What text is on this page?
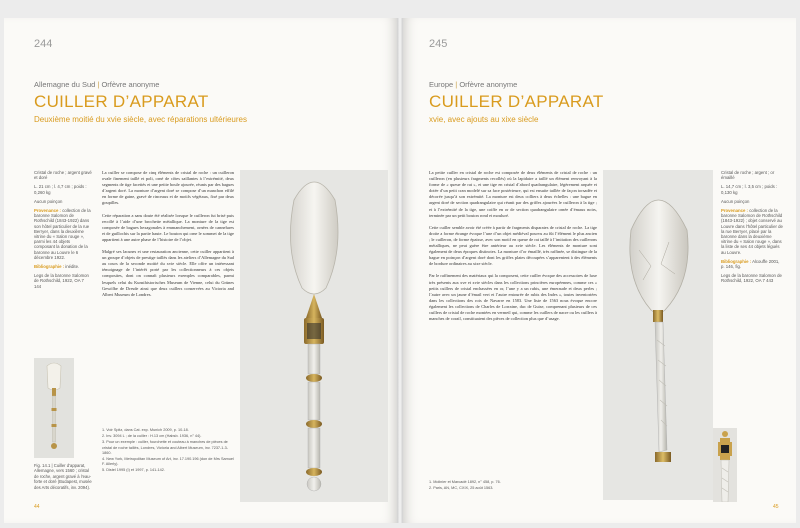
244
Allemagne du Sud | Orfèvre anonyme
CUILLER D’APPARAT
Deuxième moitié du xvie siècle, avec réparations ultérieures

Cristal de roche ; argent gravé et doré

L. 21 cm ; l. 4,7 cm ; poids : 0,260 kg

Aucun poinçon

Provenance : collection de la baronne Salomon de Rothschild (1843-1922) dans son hôtel particulier de la rue Berryer, dans la deuxième vitrine du « Salon rouge », parmi les 44 objets composant la donation de la baronne au Louvre le 6 décembre 1922.

Bibliographie : inédite.

Legs de la baronne Salomon de Rothschild, 1922, OA 7 144

La cuiller se compose de cinq éléments de cristal de roche : un cuilleron ovale finement taillé et poli, orné de côtes saillantes à l’extrémité, deux segments de tige facettés et une petite boule ajourée, réunis par des bagues d’argent doré. La monture d’argent doré se compose d’un manchon effilé en forme de gaine, gravé de rinceaux et de motifs végétaux, fixé par deux goupilles.

Cette réparation a sans doute été réalisée lorsque le cuilleron fut brisé puis recollé à l’aide d’une brochette métallique. La monture de la tige est composée de bagues hexagonales à emmanchement, ornées de cannelures et de guillochis sur la partie haute. Le bouton qui orne le sommet de la tige appartient à une autre phase de l’histoire de l’objet.

Malgré ses lacunes et une restauration ancienne, cette cuiller appartient à un groupe d’objets de prestige taillés dans les ateliers d’Allemagne du Sud au cours de la seconde moitié du xvie siècle. Elle offre un intéressant témoignage de l’intérêt porté par les collectionneurs à ces objets composites, dont on connaît plusieurs exemples comparables, parmi lesquels celui du Kunsthistorisches Museum de Vienne, celui du Grünes Gewölbe de Dresde ainsi que deux cuillers conservées au Victoria and Albert Museum de Londres.

1. Voir Spitz, dans Cat. exp. Munich 2009, p. 10-18.
2. Inv. 3094 L ; de la cuiller : H.13 cm (Habsb. 1936, n° 44).
3. Pour un exemple : cuiller, fourchette et couteau à manches de pièces de cristal de roche taillés, Londres, Victoria and Albert Museum, inv. 7237-1-3-1860.
4. New York, Metropolitan Museum of Art, inv. 17.190.196 (don de Mrs Samuel F. Allerly).
5. Distel 1995 (I) et 1997, p. 141-142.
Fig. 14.1 | Cuiller d’apparat, Allemagne, vers 1560 ; cristal de roche, argent gravé à l’eau-forte et doré (Budapest, musée des Arts décoratifs, inv. 2094).
44
245
Europe | Orfèvre anonyme
CUILLER D’APPARAT
xvie, avec ajouts au xixe siècle

La petite cuiller en cristal de roche est composée de deux éléments de cristal de roche : un cuilleron (en plusieurs fragments recollés) où la lapidaire a taillé un élément renvoyant à la forme de « queue de rat », et une tige en cristal d’abord quadrangulaire, légèrement arquée et dotée d’un petit cran modelé sur sa face postérieure, qui est ensuite taillée de façon torsadée et décorée jusqu’à son extrémité. La monture est deux colliers à deux échelles : une bague en argent doré de section quadrangulaire qui réunit par des griffes ajourées le cuilleron à la tige ; et à l’extrémité de la tige, une coiffe en or de section quadrangulaire ornée d’émaux noirs, terminée par un petit bouton rond et mouluré.

Cette cuiller semble avoir été créée à partir de fragments disparates de cristal de roche. La tige droite a forme étrange évoque l’une d’un objet médiéval pourvu au fût l’élément le plus ancien ; le cuilleron, de forme épaisse, avec son motif en queue de rat taillé à l’imitation des cuillerons métalliques, ne peut guère être antérieur au xvie siècle. Les éléments de monture sont également de deux époques distinctes. La monture d’or émaillé, très raffinée, se distingue de la bague en poinçon d’argent doré dont les griffes plates découpées s’apparentent à des éléments de bordure ordinaires au xixe siècle.

Par le raffinement des matériaux qui la composent, cette cuiller évoque des accessoires de luxe très présents aux xve et xvie siècles dans les collections princières européennes, comme ces « petits cuillers de cristal enchassées en or, l’une y a un rubis, une émeraude et deux perles ; l’autre avec un jaune d’émail vert et l’autre entourée de rubis des Indes », toutes inventoriées dans les collections des rois de Navarre en 1583. Une liste de 1563 nous évoque encore également les collections de Charles de Lorraine, duc de Guise, comprenant plusieurs de ces cuillers de cristal de roche montées en vermeil qui, comme les cuillers de nacre ou les cuillers à manches de corail, constituaient des pièces de collection plus que d’usage.

1. Molinier et Marcadé 1892, n° 458, p. 76.
2. Paris, AN, MC, CXIX, 25 août 1563.

Cristal de roche ; argent ; or émaillé

L. 14,7 cm ; l. 3,5 cm ; poids : 0,130 kg

Aucun poinçon

Provenance : collection de la baronne Salomon de Rothschild (1843-1922) ; objet conservé au Louvre dans l’hôtel particulier de la rue Berryer, placé par la baronne dans la deuxième vitrine du « Salon rouge », dans la liste de ses 44 objets légués au Louvre.

Bibliographie : Alcouffe 2001, p. 146, fig.

Legs de la baronne Salomon de Rothschild, 1922, OA 7 443

45
